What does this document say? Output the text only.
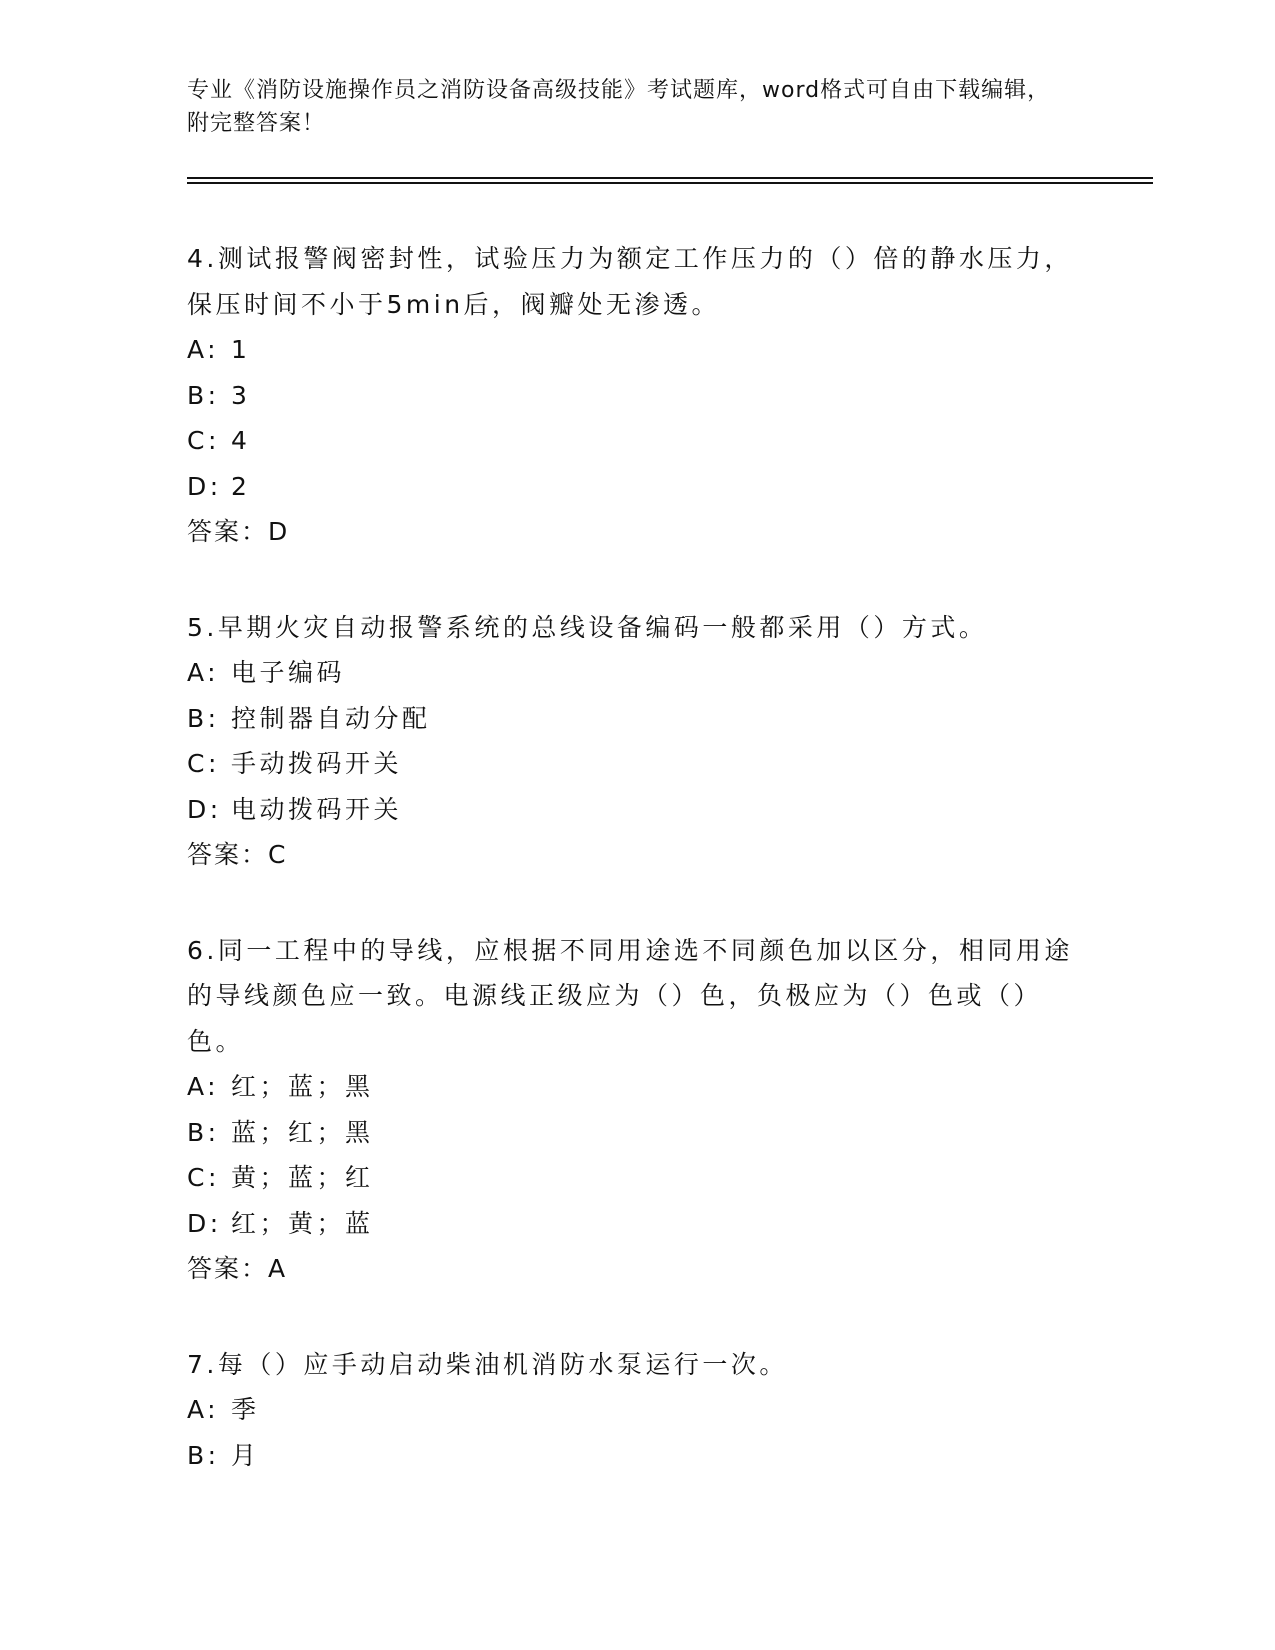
专业《消防设施操作员之消防设备高级技能》考试题库，word格式可自由下载编辑，附完整答案！
4.测试报警阀密封性，试验压力为额定工作压力的（）倍的静水压力，保压时间不小于5min后，阀瓣处无渗透。
A: 1
B: 3
C: 4
D: 2
答案：D
5.早期火灾自动报警系统的总线设备编码一般都采用（）方式。
A: 电子编码
B: 控制器自动分配
C: 手动拨码开关
D: 电动拨码开关
答案：C
6.同一工程中的导线，应根据不同用途选不同颜色加以区分，相同用途的导线颜色应一致。电源线正级应为（）色，负极应为（）色或（）色。
A: 红；蓝；黑
B: 蓝；红；黑
C: 黄；蓝；红
D: 红；黄；蓝
答案：A
7.每（）应手动启动柴油机消防水泵运行一次。
A: 季
B: 月
